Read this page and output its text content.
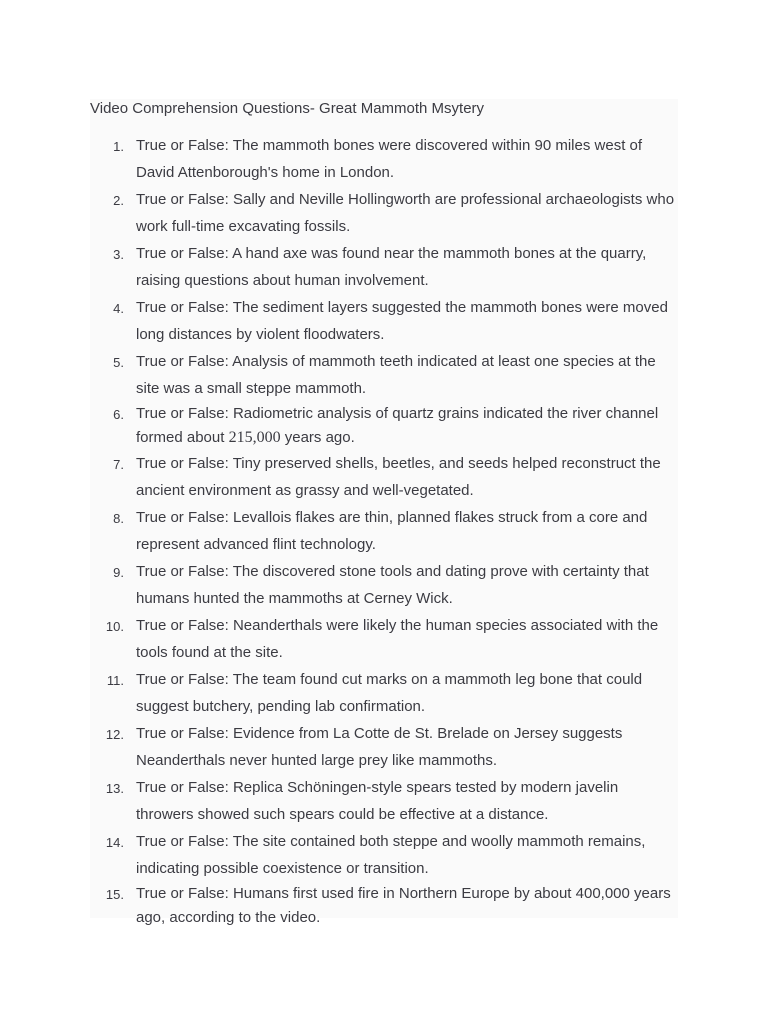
Video Comprehension Questions- Great Mammoth Msytery
1. True or False: The mammoth bones were discovered within 90 miles west of David Attenborough's home in London.
2. True or False: Sally and Neville Hollingworth are professional archaeologists who work full-time excavating fossils.
3. True or False: A hand axe was found near the mammoth bones at the quarry, raising questions about human involvement.
4. True or False: The sediment layers suggested the mammoth bones were moved long distances by violent floodwaters.
5. True or False: Analysis of mammoth teeth indicated at least one species at the site was a small steppe mammoth.
6. True or False: Radiometric analysis of quartz grains indicated the river channel formed about 215,000 years ago.
7. True or False: Tiny preserved shells, beetles, and seeds helped reconstruct the ancient environment as grassy and well-vegetated.
8. True or False: Levallois flakes are thin, planned flakes struck from a core and represent advanced flint technology.
9. True or False: The discovered stone tools and dating prove with certainty that humans hunted the mammoths at Cerney Wick.
10. True or False: Neanderthals were likely the human species associated with the tools found at the site.
11. True or False: The team found cut marks on a mammoth leg bone that could suggest butchery, pending lab confirmation.
12. True or False: Evidence from La Cotte de St. Brelade on Jersey suggests Neanderthals never hunted large prey like mammoths.
13. True or False: Replica Schöningen-style spears tested by modern javelin throwers showed such spears could be effective at a distance.
14. True or False: The site contained both steppe and woolly mammoth remains, indicating possible coexistence or transition.
15. True or False: Humans first used fire in Northern Europe by about 400,000 years ago, according to the video.
